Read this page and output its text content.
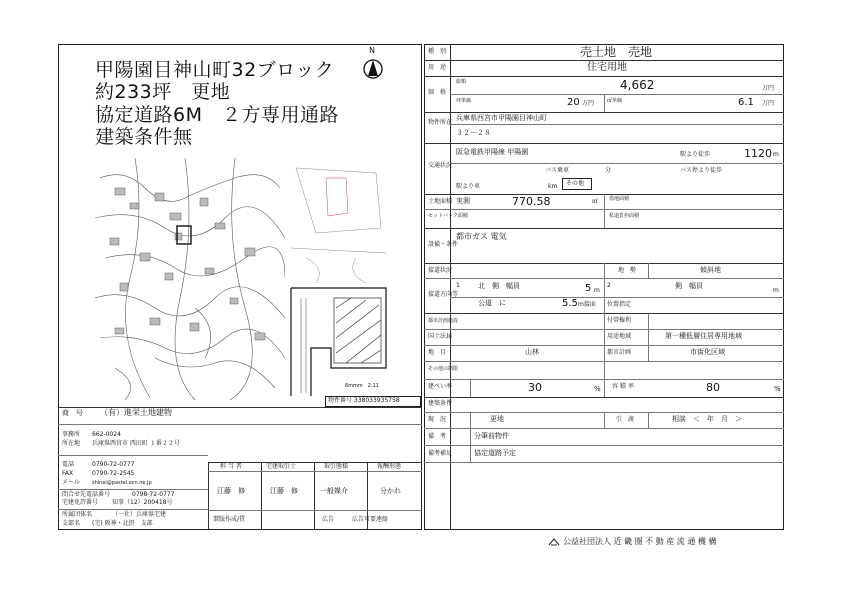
甲陽園目神山町32ブロック
約233坪　更地
協定道路6M　２方専用通路
建築条件無
N
6mmm　2.11
物件番号 338033935758
商　号 （有）進栄土地建物
事務所 662-0024
所在地 兵庫県西宮市 西田町 １番２２号
電話	0790-72-0777
FAX	0790-72-2545
メール shinei@pastel.ocn.ne.jp
問合せ先電話番号	0798-72-0777
宅建免許番号 知事（12）200418号
所属団体名	（一社）兵庫県宅建
支部名 (宅) 阪神・北摂　支部
担 当 者	宅建取引士	取引態様	報酬形態
江藤　修	江藤　修	一般媒介	分かれ
製版作成/賃	広告	広告可要連絡
種　別	売土地　売地
用　途	住宅用地
価　格
総額	4,662	万円
坪単価	20 万円	㎡単価	6.1 万円
物件所在
兵庫県西宮市甲陽園目神山町
３２－２８
交通状況
阪急電鉄甲陽線 甲陽園	駅より徒歩	1120 m
バス乗車	分	バス停より徒歩
駅より車	km その他
土地面積 実測	770.58	㎡ 借地面積
セットバック面積	私道負担面積
設備・条件
都市ガス 電気
接道状況	地　勢	傾斜地
接道方向等
1	北　側　幅員	5 m
2	側　幅員
m
公道　に	5.5 m接面 位置指定
都市計画施設	付帯権利
国土法届	用途地域	第一種低層住居専用地域
地　目	山林	都市計画	市街化区域
その他の制限
建ぺい率	30	% 容 積 率	80	%
建築条件
現　況	更地	引　渡	相談　＜　年　月　＞
備　考	分筆前物件
備考補足	協定道路予定
公益社団法人 近 畿 圏 不 動 産 流 通 機 構
